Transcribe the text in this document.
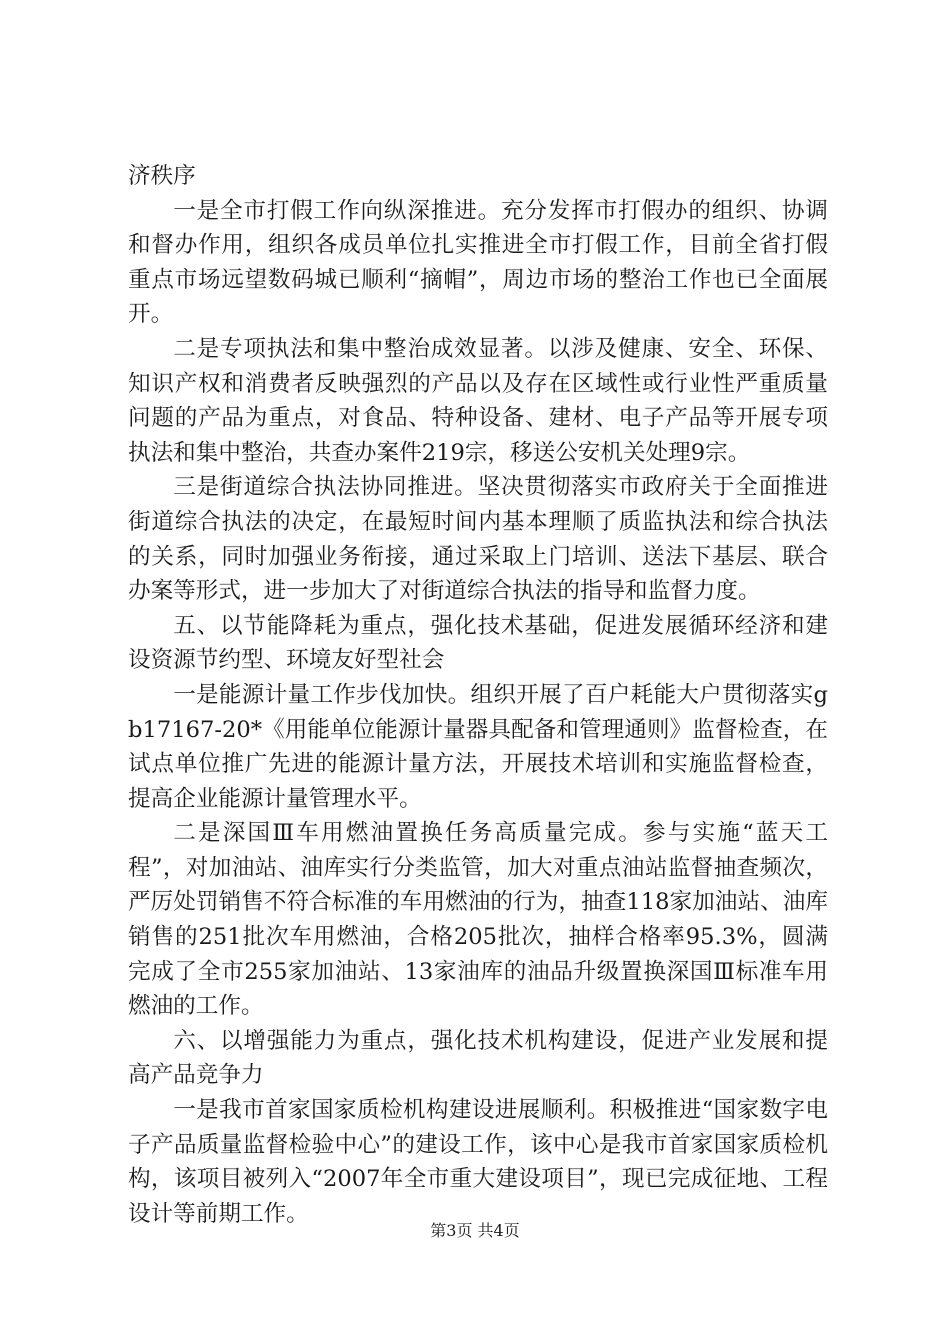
济秩序

一是全市打假工作向纵深推进。充分发挥市打假办的组织、协调和督办作用，组织各成员单位扎实推进全市打假工作，目前全省打假重点市场远望数码城已顺利“摘帽”，周边市场的整治工作也已全面展开。

二是专项执法和集中整治成效显著。以涉及健康、安全、环保、知识产权和消费者反映强烈的产品以及存在区域性或行业性严重质量问题的产品为重点，对食品、特种设备、建材、电子产品等开展专项执法和集中整治，共查办案件219宗，移送公安机关处理9宗。

三是街道综合执法协同推进。坚决贯彻落实市政府关于全面推进街道综合执法的决定，在最短时间内基本理顺了质监执法和综合执法的关系，同时加强业务衔接，通过采取上门培训、送法下基层、联合办案等形式，进一步加大了对街道综合执法的指导和监督力度。

五、以节能降耗为重点，强化技术基础，促进发展循环经济和建设资源节约型、环境友好型社会

一是能源计量工作步伐加快。组织开展了百户耗能大户贯彻落实gb17167-20*《用能单位能源计量器具配备和管理通则》监督检查，在试点单位推广先进的能源计量方法，开展技术培训和实施监督检查，提高企业能源计量管理水平。

二是深国Ⅲ车用燃油置换任务高质量完成。参与实施“蓝天工程”，对加油站、油库实行分类监管，加大对重点油站监督抽查频次，严厉处罚销售不符合标准的车用燃油的行为，抽查118家加油站、油库销售的251批次车用燃油，合格205批次，抽样合格率95.3%，圆满完成了全市255家加油站、13家油库的油品升级置换深国Ⅲ标准车用燃油的工作。

六、以增强能力为重点，强化技术机构建设，促进产业发展和提高产品竞争力

一是我市首家国家质检机构建设进展顺利。积极推进“国家数字电子产品质量监督检验中心”的建设工作，该中心是我市首家国家质检机构，该项目被列入“2007年全市重大建设项目”，现已完成征地、工程设计等前期工作。

第3页 共4页
